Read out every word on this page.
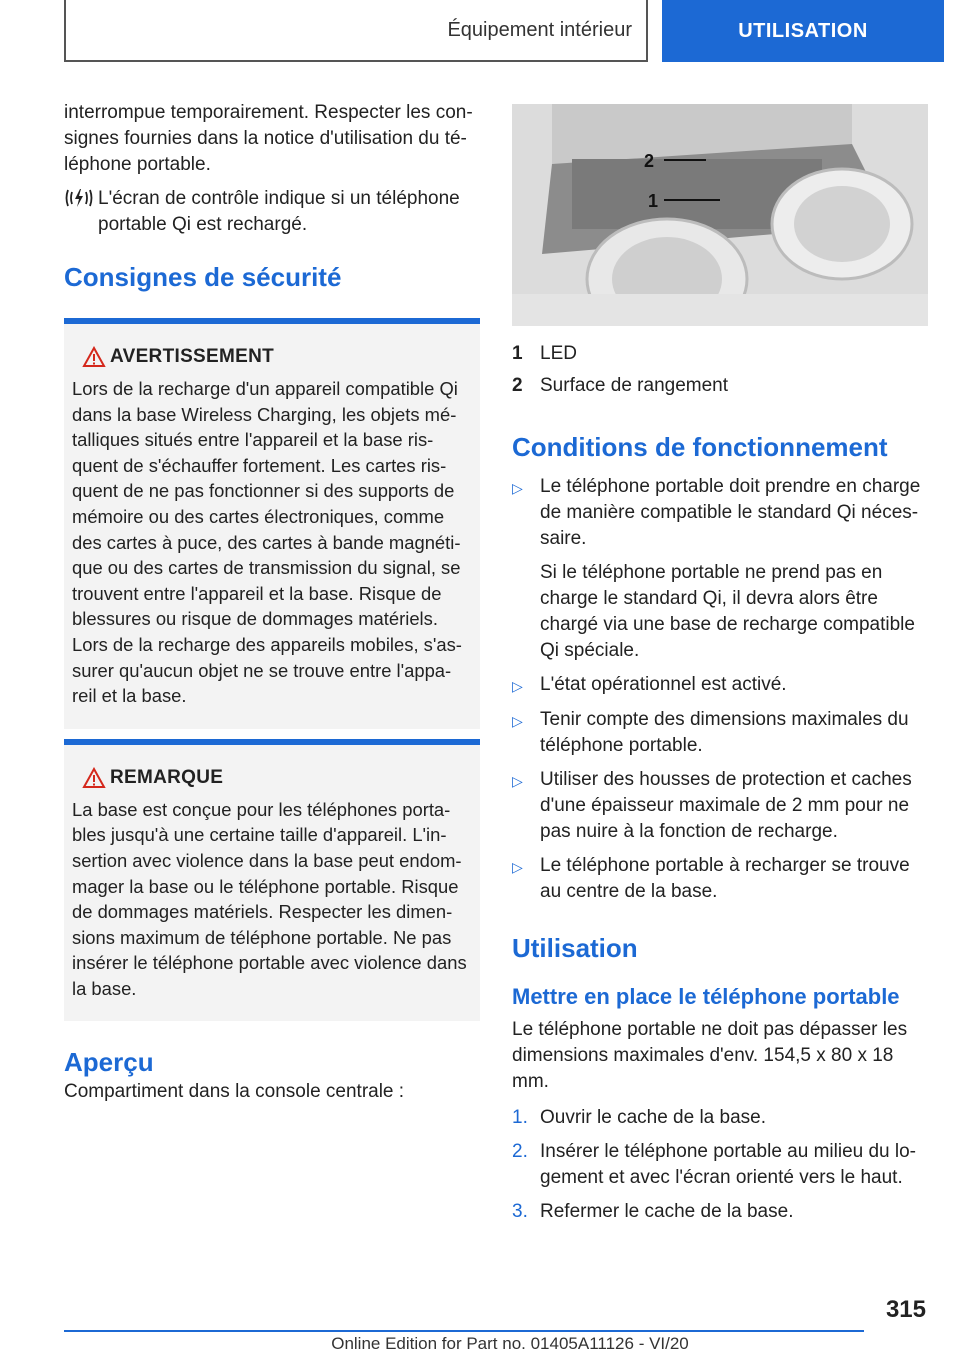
Équipement intérieur	UTILISATION

interrompue temporairement. Respecter les con- signes fournies dans la notice d'utilisation du té- léphone portable.

L'écran de contrôle indique si un téléphone portable Qi est rechargé.

Consignes de sécurité
AVERTISSEMENT

Lors de la recharge d'un appareil compatible Qi dans la base Wireless Charging, les objets mé- talliques situés entre l'appareil et la base ris- quent de s'échauffer fortement. Les cartes ris- quent de ne pas fonctionner si des supports de mémoire ou des cartes électroniques, comme des cartes à puce, des cartes à bande magnéti- que ou des cartes de transmission du signal, se trouvent entre l'appareil et la base. Risque de blessures ou risque de dommages matériels. Lors de la recharge des appareils mobiles, s'as- surer qu'aucun objet ne se trouve entre l'appa- reil et la base.

REMARQUE

La base est conçue pour les téléphones porta- bles jusqu'à une certaine taille d'appareil. L'in- sertion avec violence dans la base peut endom- mager la base ou le téléphone portable. Risque de dommages matériels. Respecter les dimen- sions maximum de téléphone portable. Ne pas insérer le téléphone portable avec violence dans la base.

Aperçu

Compartiment dans la console centrale :

2
1
1 LED
2 Surface de rangement
Conditions de fonctionnement
▷ Le téléphone portable doit prendre en charge de manière compatible le standard Qi néces- saire.

Si le téléphone portable ne prend pas en charge le standard Qi, il devra alors être chargé via une base de recharge compatible Qi spéciale.

▷ L'état opérationnel est activé.

▷ Tenir compte des dimensions maximales du téléphone portable.

▷ Utiliser des housses de protection et caches d'une épaisseur maximale de 2 mm pour ne pas nuire à la fonction de recharge.

▷ Le téléphone portable à recharger se trouve au centre de la base.

Utilisation
Mettre en place le téléphone portable

Le téléphone portable ne doit pas dépasser les dimensions maximales d'env. 154,5 x 80 x 18 mm.

1. Ouvrir le cache de la base.
2. Insérer le téléphone portable au milieu du lo- gement et avec l'écran orienté vers le haut.
3. Refermer le cache de la base.
315
Online Edition for Part no. 01405A11126 - VI/20
